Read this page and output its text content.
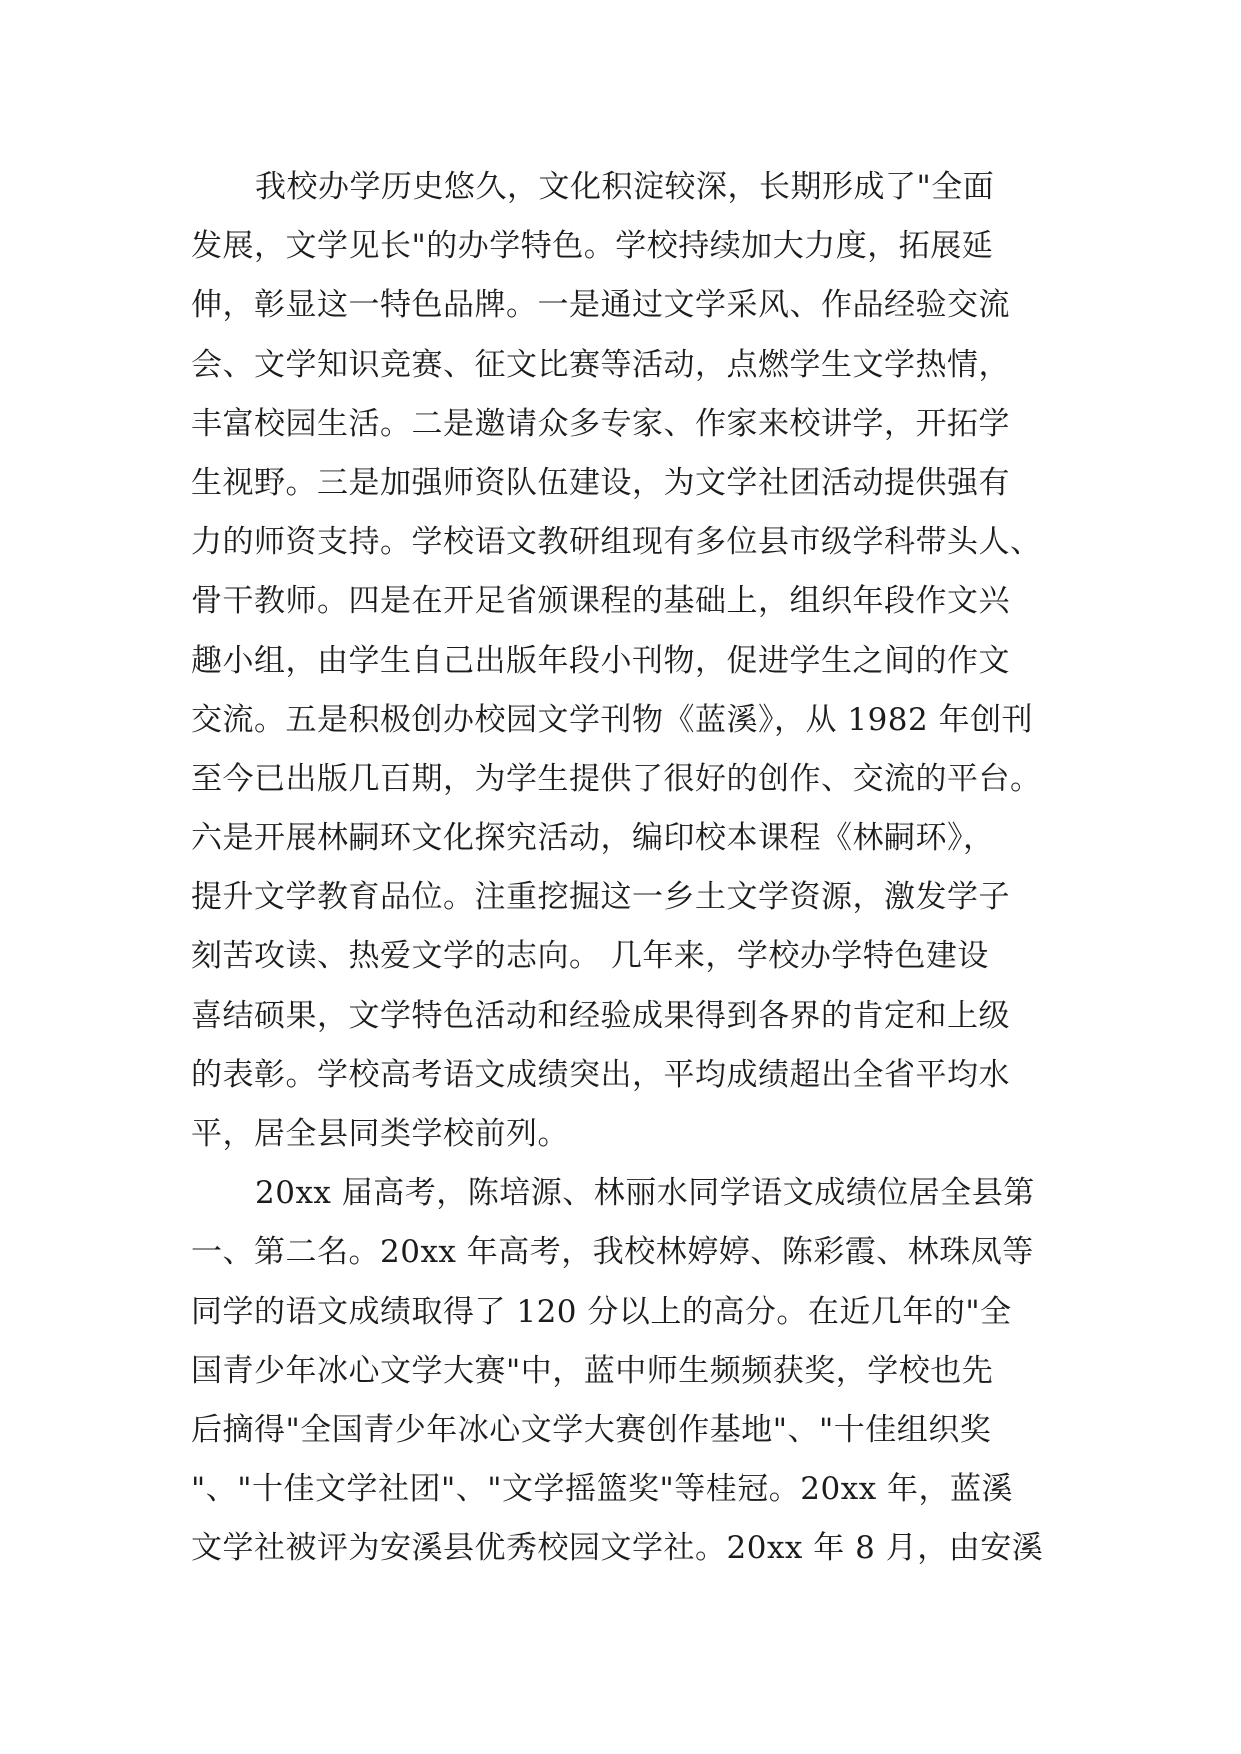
我校办学历史悠久，文化积淀较深，长期形成了"全面
发展，文学见长"的办学特色。学校持续加大力度，拓展延
伸，彰显这一特色品牌。一是通过文学采风、作品经验交流
会、文学知识竞赛、征文比赛等活动，点燃学生文学热情，
丰富校园生活。二是邀请众多专家、作家来校讲学，开拓学
生视野。三是加强师资队伍建设，为文学社团活动提供强有
力的师资支持。学校语文教研组现有多位县市级学科带头人、
骨干教师。四是在开足省颁课程的基础上，组织年段作文兴
趣小组，由学生自己出版年段小刊物，促进学生之间的作文
交流。五是积极创办校园文学刊物《蓝溪》，从 1982 年创刊
至今已出版几百期，为学生提供了很好的创作、交流的平台。
六是开展林嗣环文化探究活动，编印校本课程《林嗣环》，
提升文学教育品位。注重挖掘这一乡土文学资源，激发学子
刻苦攻读、热爱文学的志向。 几年来，学校办学特色建设
喜结硕果，文学特色活动和经验成果得到各界的肯定和上级
的表彰。学校高考语文成绩突出，平均成绩超出全省平均水
平，居全县同类学校前列。
20xx 届高考，陈培源、林丽水同学语文成绩位居全县第
一、第二名。20xx 年高考，我校林婷婷、陈彩霞、林珠凤等
同学的语文成绩取得了 120 分以上的高分。在近几年的"全
国青少年冰心文学大赛"中，蓝中师生频频获奖，学校也先
后摘得"全国青少年冰心文学大赛创作基地"、"十佳组织奖
"、"十佳文学社团"、"文学摇篮奖"等桂冠。20xx 年，蓝溪
文学社被评为安溪县优秀校园文学社。20xx 年 8 月，由安溪
